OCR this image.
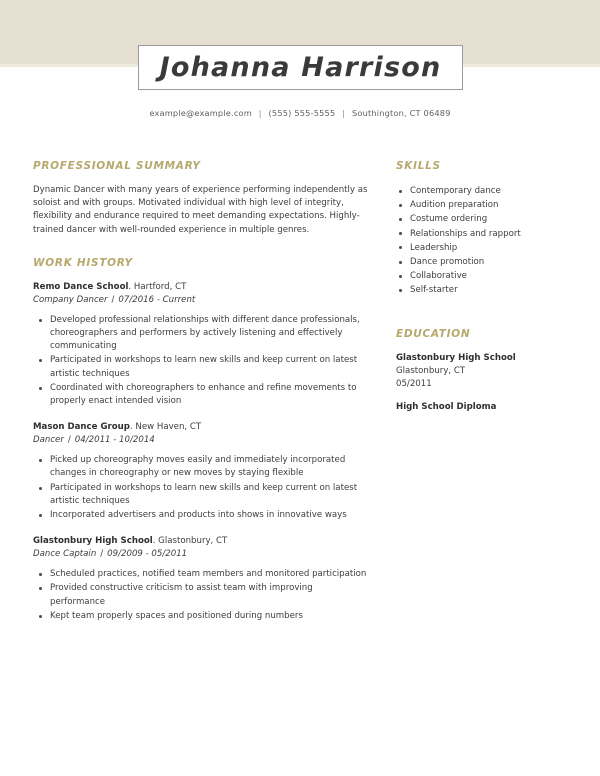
Johanna Harrison
example@example.com | (555) 555-5555 | Southington, CT 06489
PROFESSIONAL SUMMARY

Dynamic Dancer with many years of experience performing independently as soloist and with groups. Motivated individual with high level of integrity, flexibility and endurance required to meet demanding expectations. Highly-trained dancer with well-rounded experience in multiple genres.

WORK HISTORY
Remo Dance School. Hartford, CT
Company Dancer / 07/2016 - Current
Developed professional relationships with different dance professionals, choreographers and performers by actively listening and effectively communicating
Participated in workshops to learn new skills and keep current on latest artistic techniques
Coordinated with choreographers to enhance and refine movements to properly enact intended vision
Mason Dance Group. New Haven, CT
Dancer / 04/2011 - 10/2014
Picked up choreography moves easily and immediately incorporated changes in choreography or new moves by staying flexible
Participated in workshops to learn new skills and keep current on latest artistic techniques
Incorporated advertisers and products into shows in innovative ways
Glastonbury High School. Glastonbury, CT
Dance Captain / 09/2009 - 05/2011
Scheduled practices, notified team members and monitored participation
Provided constructive criticism to assist team with improving performance
Kept team properly spaces and positioned during numbers
SKILLS
Contemporary dance
Audition preparation
Costume ordering
Relationships and rapport
Leadership
Dance promotion
Collaborative
Self-starter
EDUCATION
Glastonbury High School
Glastonbury, CT
05/2011
High School Diploma
